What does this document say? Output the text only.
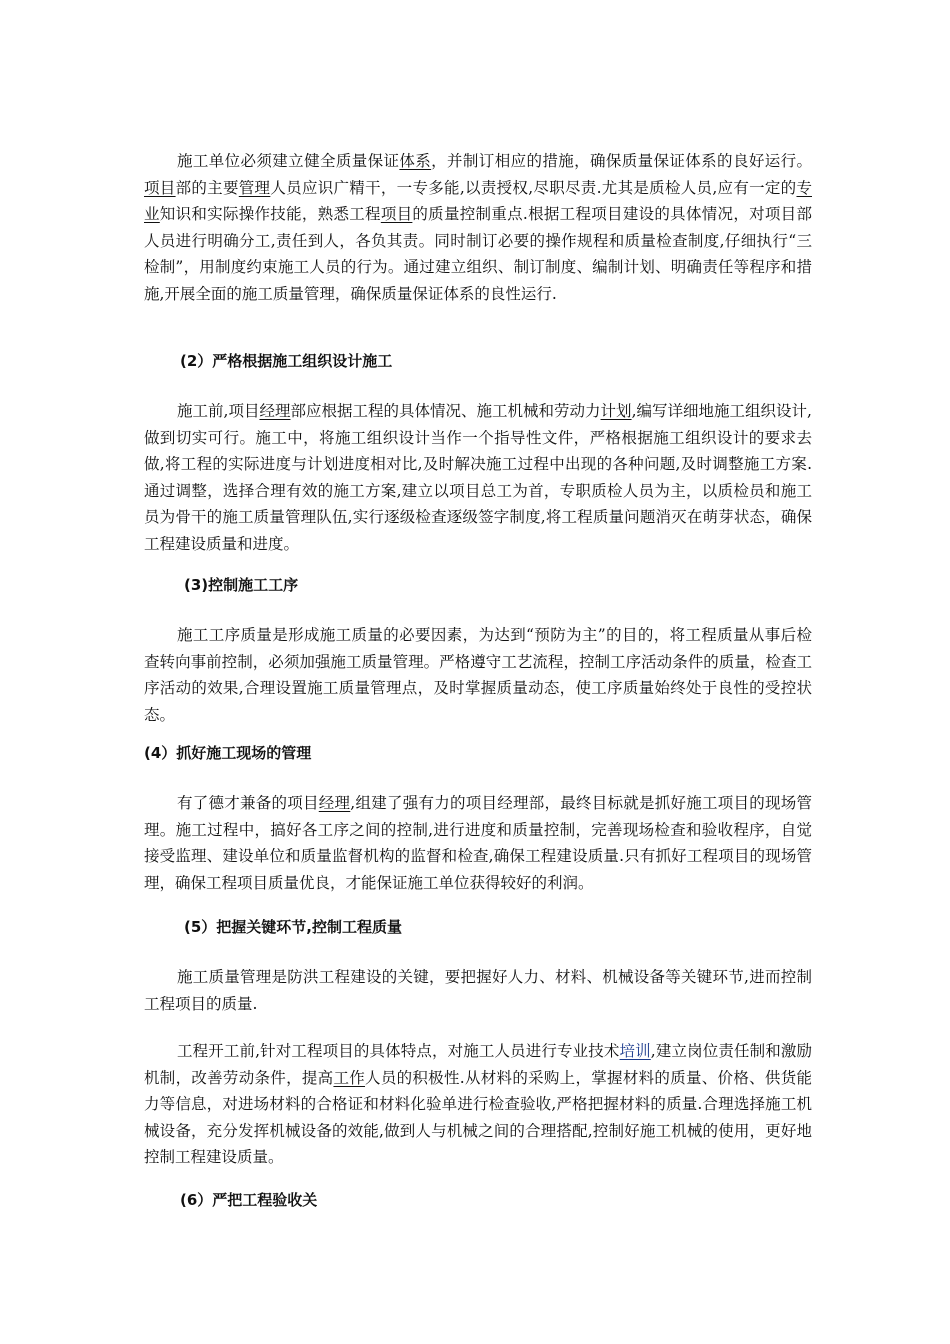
施工单位必须建立健全质量保证体系，并制订相应的措施，确保质量保证体系的良好运行。项目部的主要管理人员应识广精干，一专多能,以责授权,尽职尽责.尤其是质检人员,应有一定的专业知识和实际操作技能，熟悉工程项目的质量控制重点.根据工程项目建设的具体情况，对项目部人员进行明确分工,责任到人，各负其责。同时制订必要的操作规程和质量检查制度,仔细执行“三检制”，用制度约束施工人员的行为。通过建立组织、制订制度、编制计划、明确责任等程序和措施,开展全面的施工质量管理，确保质量保证体系的良性运行.

(2）严格根据施工组织设计施工

施工前,项目经理部应根据工程的具体情况、施工机械和劳动力计划,编写详细地施工组织设计,做到切实可行。施工中，将施工组织设计当作一个指导性文件，严格根据施工组织设计的要求去做,将工程的实际进度与计划进度相对比,及时解决施工过程中出现的各种问题,及时调整施工方案.通过调整，选择合理有效的施工方案,建立以项目总工为首，专职质检人员为主，以质检员和施工员为骨干的施工质量管理队伍,实行逐级检查逐级签字制度,将工程质量问题消灭在萌芽状态，确保工程建设质量和进度。

(3)控制施工工序

施工工序质量是形成施工质量的必要因素，为达到“预防为主”的目的，将工程质量从事后检查转向事前控制，必须加强施工质量管理。严格遵守工艺流程，控制工序活动条件的质量，检查工序活动的效果,合理设置施工质量管理点，及时掌握质量动态，使工序质量始终处于良性的受控状态。

(4）抓好施工现场的管理

有了德才兼备的项目经理,组建了强有力的项目经理部，最终目标就是抓好施工项目的现场管理。施工过程中，搞好各工序之间的控制,进行进度和质量控制，完善现场检查和验收程序，自觉接受监理、建设单位和质量监督机构的监督和检查,确保工程建设质量.只有抓好工程项目的现场管理，确保工程项目质量优良，才能保证施工单位获得较好的利润。

(5）把握关键环节,控制工程质量

施工质量管理是防洪工程建设的关键，要把握好人力、材料、机械设备等关键环节,进而控制工程项目的质量.

工程开工前,针对工程项目的具体特点，对施工人员进行专业技术培训,建立岗位责任制和激励机制，改善劳动条件，提高工作人员的积极性.从材料的采购上，掌握材料的质量、价格、供货能力等信息，对进场材料的合格证和材料化验单进行检查验收,严格把握材料的质量.合理选择施工机械设备，充分发挥机械设备的效能,做到人与机械之间的合理搭配,控制好施工机械的使用，更好地控制工程建设质量。

(6）严把工程验收关
